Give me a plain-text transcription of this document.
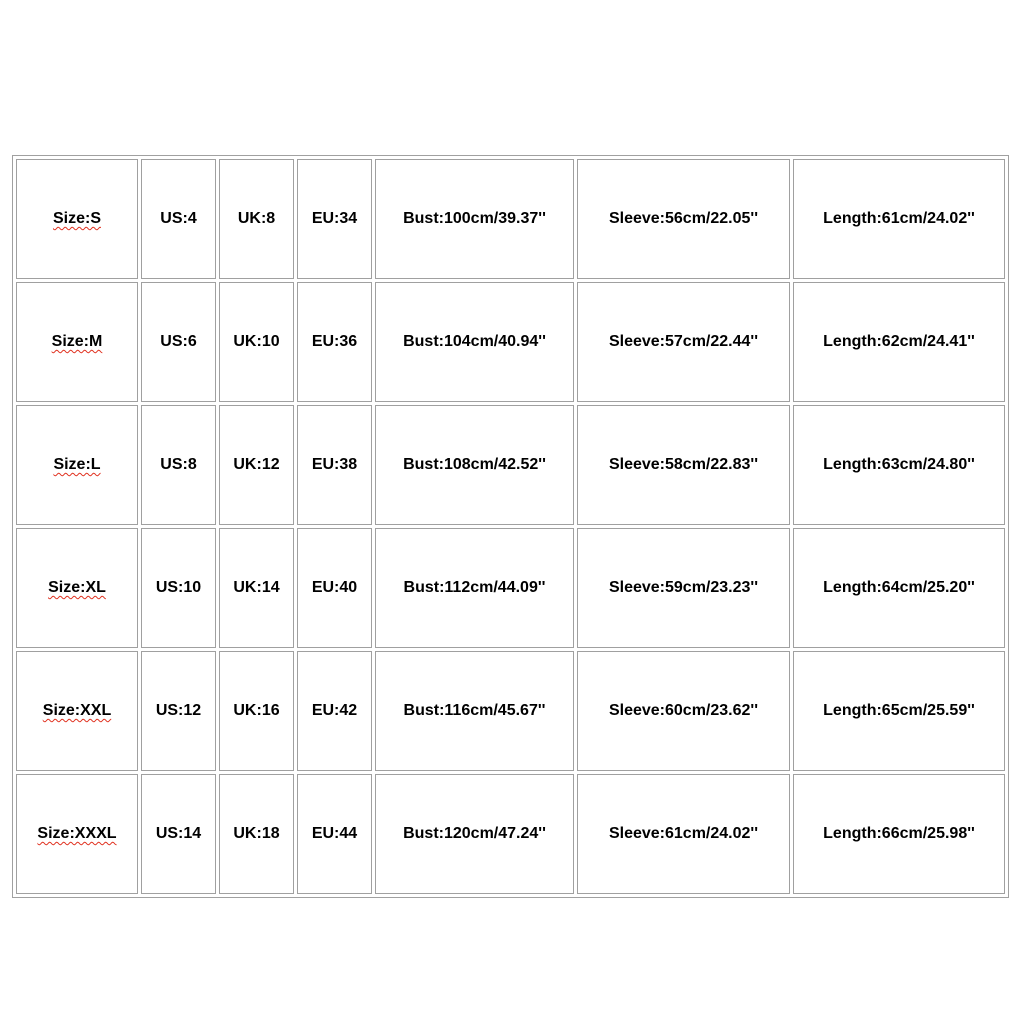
Size:S	US:4	UK:8	EU:34	Bust:100cm/39.37''	Sleeve:56cm/22.05''	Length:61cm/24.02''
Size:M	US:6	UK:10	EU:36	Bust:104cm/40.94''	Sleeve:57cm/22.44''	Length:62cm/24.41''
Size:L	US:8	UK:12	EU:38	Bust:108cm/42.52''	Sleeve:58cm/22.83''	Length:63cm/24.80''
Size:XL	US:10	UK:14	EU:40	Bust:112cm/44.09''	Sleeve:59cm/23.23''	Length:64cm/25.20''
Size:XXL	US:12	UK:16	EU:42	Bust:116cm/45.67''	Sleeve:60cm/23.62''	Length:65cm/25.59''
Size:XXXL	US:14	UK:18	EU:44	Bust:120cm/47.24''	Sleeve:61cm/24.02''	Length:66cm/25.98''
